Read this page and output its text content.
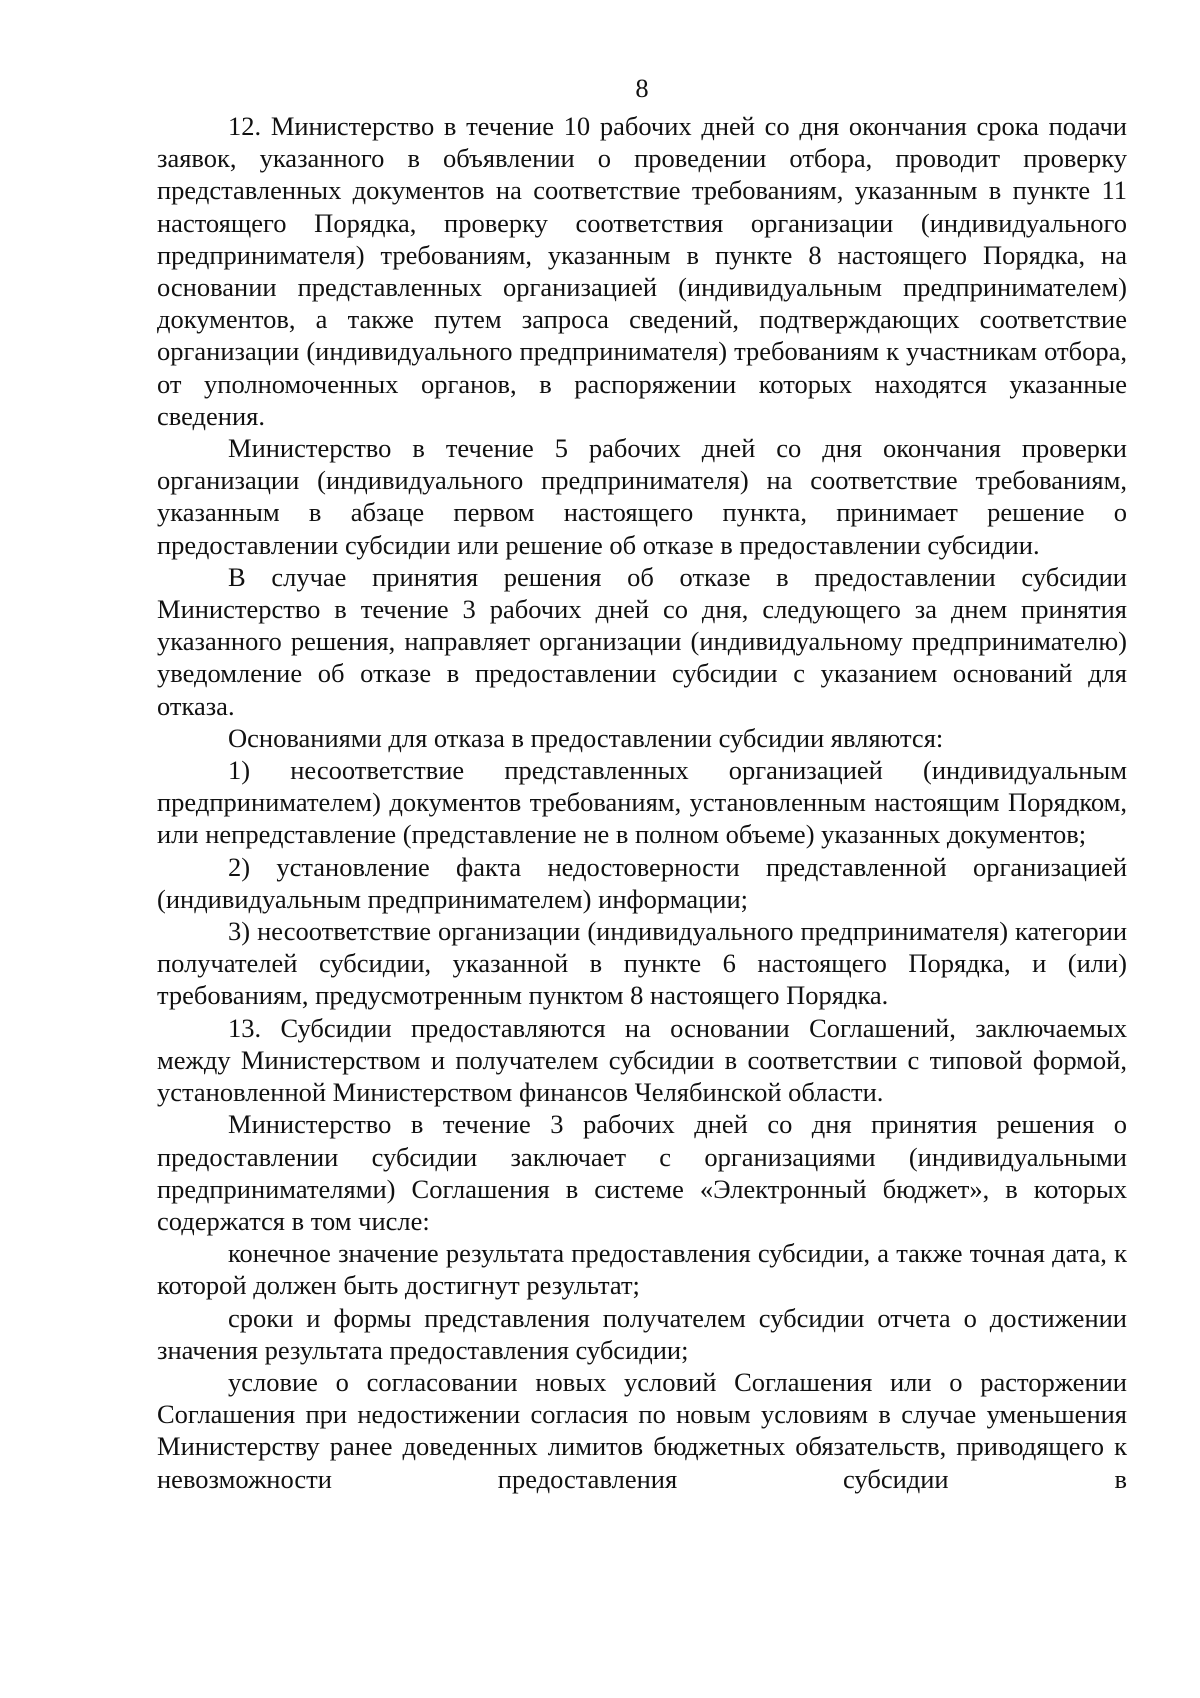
8

12. Министерство в течение 10 рабочих дней со дня окончания срока подачи заявок, указанного в объявлении о проведении отбора, проводит проверку представленных документов на соответствие требованиям, указанным в пункте 11 настоящего Порядка, проверку соответствия организации (индивидуального предпринимателя) требованиям, указанным в пункте 8 настоящего Порядка, на основании представленных организацией (индивидуальным предпринимателем) документов, а также путем запроса сведений, подтверждающих соответствие организации (индивидуального предпринимателя) требованиям к участникам отбора, от уполномоченных органов, в распоряжении которых находятся указанные сведения.

Министерство в течение 5 рабочих дней со дня окончания проверки организации (индивидуального предпринимателя) на соответствие требованиям, указанным в абзаце первом настоящего пункта, принимает решение о предоставлении субсидии или решение об отказе в предоставлении субсидии.

В случае принятия решения об отказе в предоставлении субсидии Министерство в течение 3 рабочих дней со дня, следующего за днем принятия указанного решения, направляет организации (индивидуальному предпринимателю) уведомление об отказе в предоставлении субсидии с указанием оснований для отказа.

Основаниями для отказа в предоставлении субсидии являются:

1) несоответствие представленных организацией (индивидуальным предпринимателем) документов требованиям, установленным настоящим Порядком, или непредставление (представление не в полном объеме) указанных документов;

2) установление факта недостоверности представленной организацией (индивидуальным предпринимателем) информации;

3) несоответствие организации (индивидуального предпринимателя) категории получателей субсидии, указанной в пункте 6 настоящего Порядка, и (или) требованиям, предусмотренным пунктом 8 настоящего Порядка.

13. Субсидии предоставляются на основании Соглашений, заключаемых между Министерством и получателем субсидии в соответствии с типовой формой, установленной Министерством финансов Челябинской области.

Министерство в течение 3 рабочих дней со дня принятия решения о предоставлении субсидии заключает с организациями (индивидуальными предпринимателями) Соглашения в системе «Электронный бюджет», в которых содержатся в том числе:

конечное значение результата предоставления субсидии, а также точная дата, к которой должен быть достигнут результат;

сроки и формы представления получателем субсидии отчета о достижении значения результата предоставления субсидии;

условие о согласовании новых условий Соглашения или о расторжении Соглашения при недостижении согласия по новым условиям в случае уменьшения Министерству ранее доведенных лимитов бюджетных обязательств, приводящего к невозможности предоставления субсидии в
